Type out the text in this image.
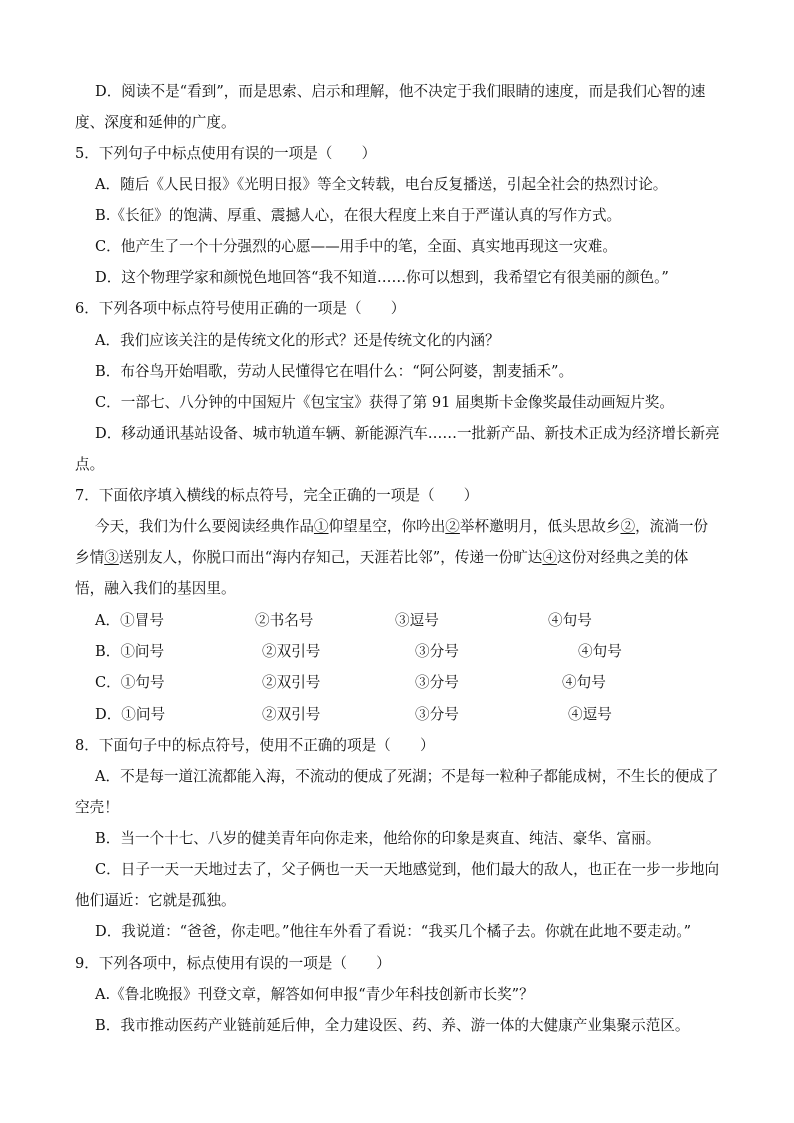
D．阅读不是“看到”，而是思索、启示和理解，他不决定于我们眼睛的速度，而是我们心智的速
度、深度和延伸的广度。
5．下列句子中标点使用有误的一项是（　　）
A．随后《人民日报》《光明日报》等全文转载，电台反复播送，引起全社会的热烈讨论。
B.《长征》的饱满、厚重、震撼人心，在很大程度上来自于严谨认真的写作方式。
C．他产生了一个十分强烈的心愿——用手中的笔，全面、真实地再现这一灾难。
D．这个物理学家和颜悦色地回答“我不知道……你可以想到，我希望它有很美丽的颜色。”
6．下列各项中标点符号使用正确的一项是（　　）
A．我们应该关注的是传统文化的形式？还是传统文化的内涵？
B．布谷鸟开始唱歌，劳动人民懂得它在唱什么：“阿公阿婆，割麦插禾”。
C．一部七、八分钟的中国短片《包宝宝》获得了第 91 届奥斯卡金像奖最佳动画短片奖。
D．移动通讯基站设备、城市轨道车辆、新能源汽车……一批新产品、新技术正成为经济增长新亮
点。
7．下面依序填入横线的标点符号，完全正确的一项是（　　）
今天，我们为什么要阅读经典作品①仰望星空，你吟出②举杯邀明月，低头思故乡②，流淌一份
乡情③送别友人，你脱口而出“海内存知己，天涯若比邻”，传递一份旷达④这份对经典之美的体
悟，融入我们的基因里。
A．①冒号	②书名号	③逗号	④句号
B．①问号	②双引号	③分号	④句号
C．①句号	②双引号	③分号	④句号
D．①问号	②双引号	③分号	④逗号
8．下面句子中的标点符号，使用不正确的项是（　　）
A．不是每一道江流都能入海，不流动的便成了死湖；不是每一粒种子都能成树，不生长的便成了
空壳！
B．当一个十七、八岁的健美青年向你走来，他给你的印象是爽直、纯洁、豪华、富丽。
C．日子一天一天地过去了，父子俩也一天一天地感觉到，他们最大的敌人，也正在一步一步地向
他们逼近：它就是孤独。
D．我说道：“爸爸，你走吧。”他往车外看了看说：“我买几个橘子去。你就在此地不要走动。”
9．下列各项中，标点使用有误的一项是（　　）
A.《鲁北晚报》刊登文章，解答如何申报“青少年科技创新市长奖”？
B．我市推动医药产业链前延后伸，全力建设医、药、养、游一体的大健康产业集聚示范区。
